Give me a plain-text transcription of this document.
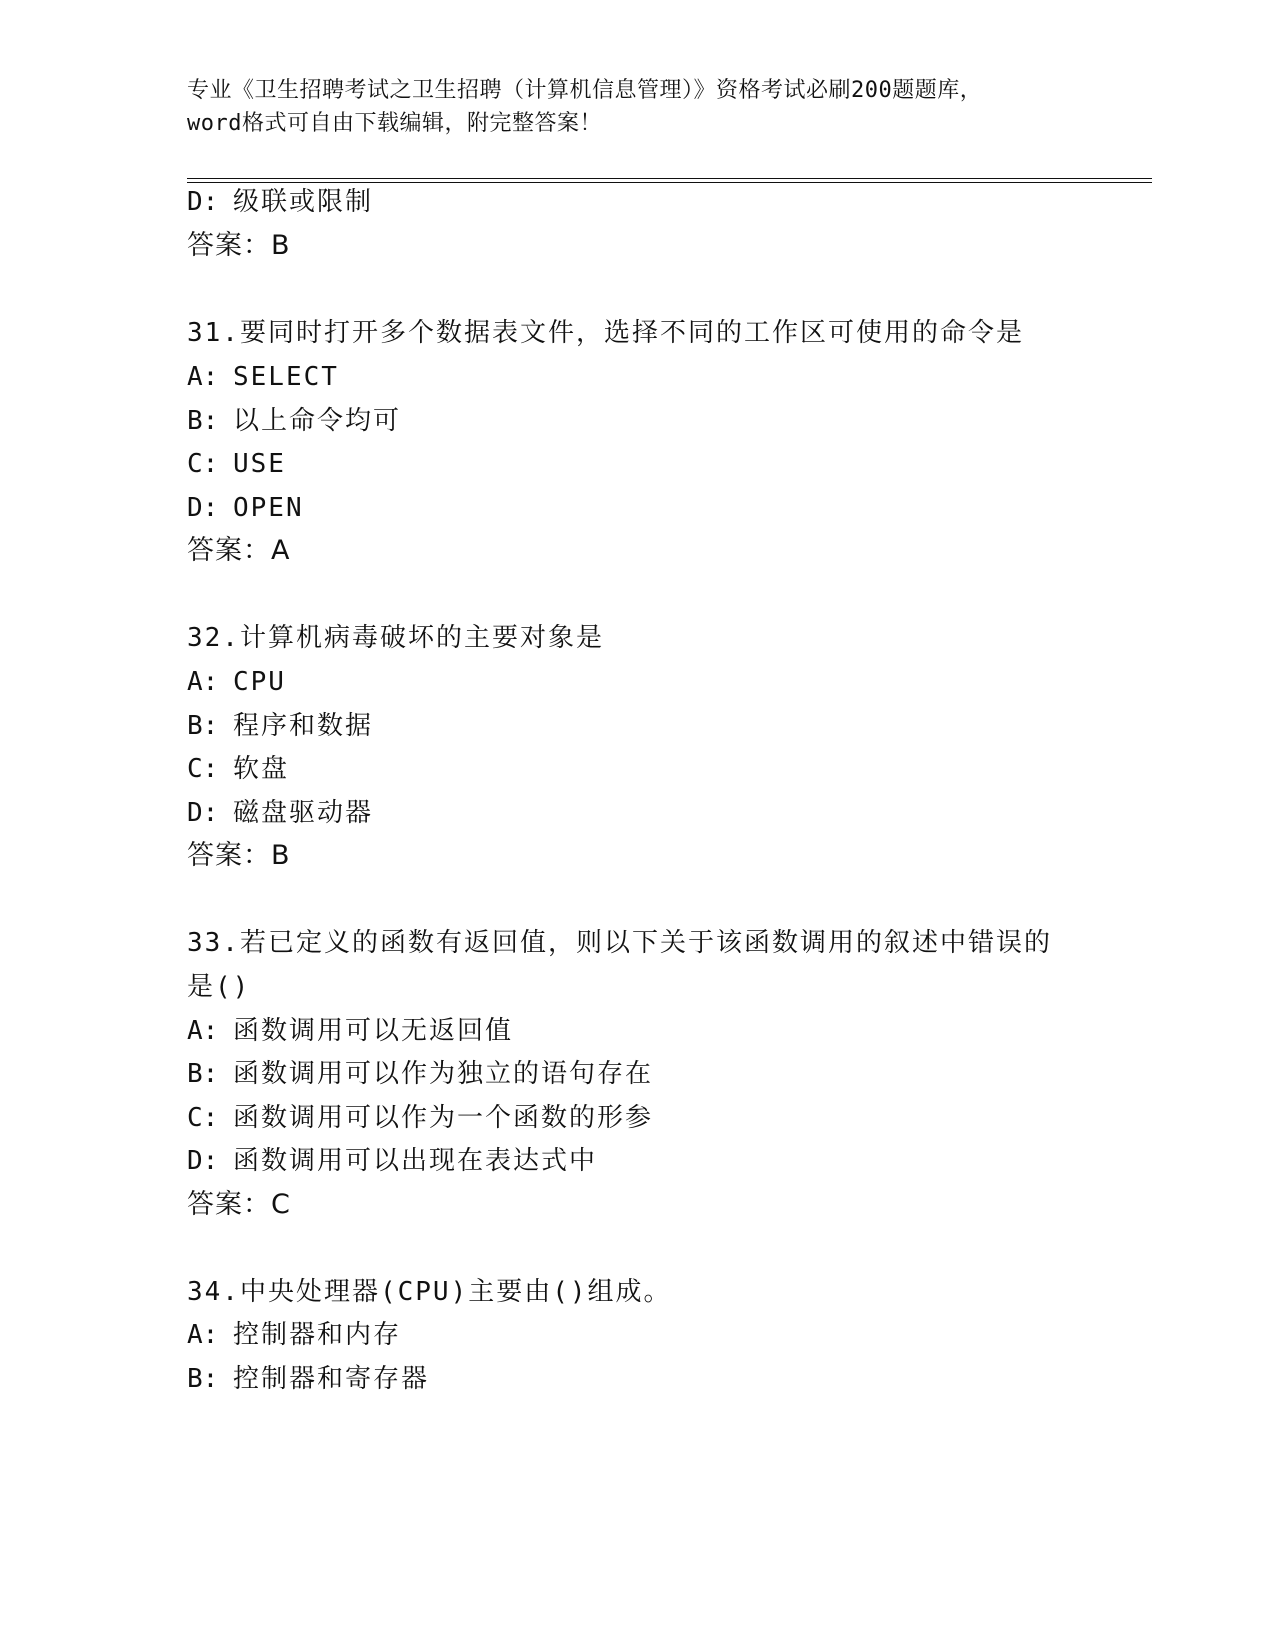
专业《卫生招聘考试之卫生招聘（计算机信息管理）》资格考试必刷200题题库，
word格式可自由下载编辑，附完整答案！
D: 级联或限制
答案：B
31.要同时打开多个数据表文件，选择不同的工作区可使用的命令是
A: SELECT
B: 以上命令均可
C: USE
D: OPEN
答案：A
32.计算机病毒破坏的主要对象是
A: CPU
B: 程序和数据
C: 软盘
D: 磁盘驱动器
答案：B
33.若已定义的函数有返回值，则以下关于该函数调用的叙述中错误的
是()
A: 函数调用可以无返回值
B: 函数调用可以作为独立的语句存在
C: 函数调用可以作为一个函数的形参
D: 函数调用可以出现在表达式中
答案：C
34.中央处理器(CPU)主要由()组成。
A: 控制器和内存
B: 控制器和寄存器
